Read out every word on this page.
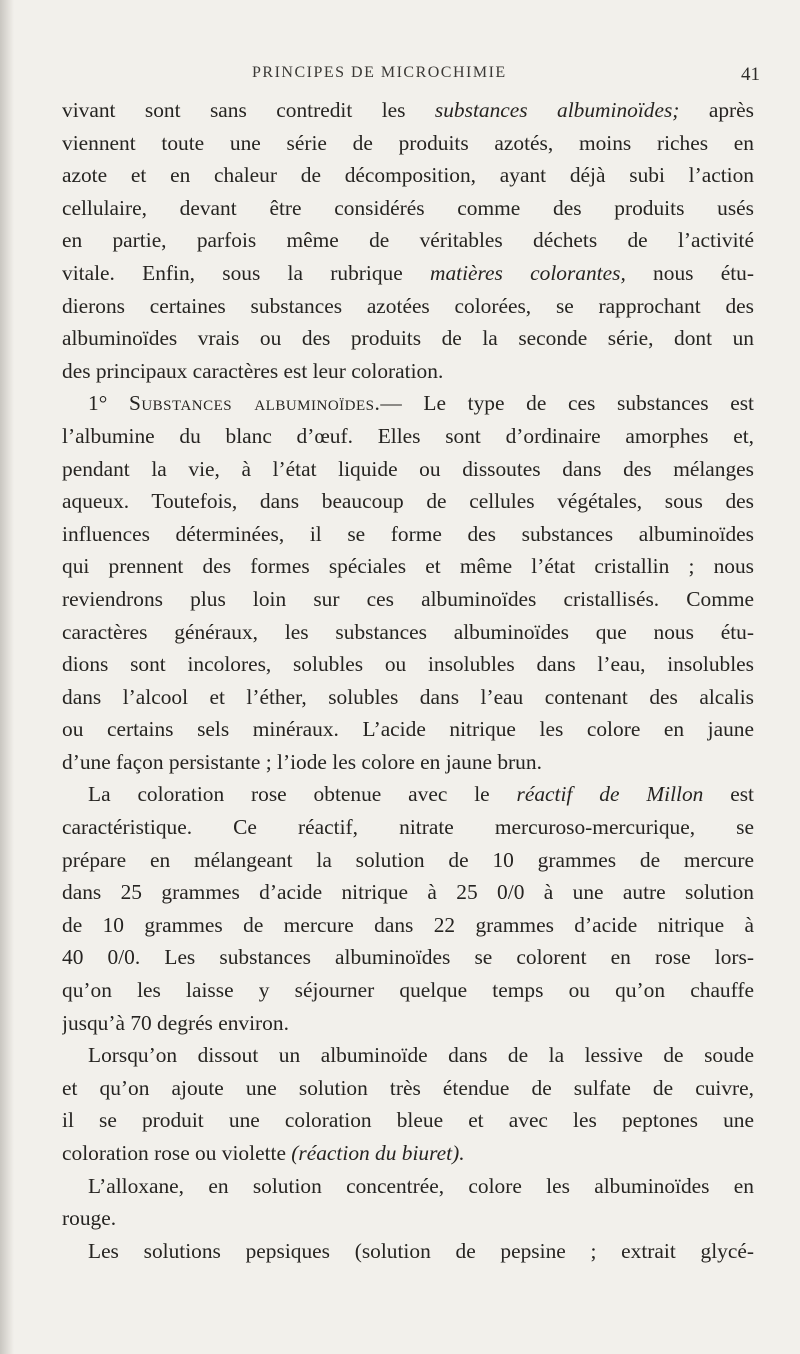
PRINCIPES DE MICROCHIMIE	41
vivant sont sans contredit les substances albuminoïdes; après
viennent toute une série de produits azotés, moins riches en
azote et en chaleur de décomposition, ayant déjà subi l’action
cellulaire, devant être considérés comme des produits usés
en partie, parfois même de véritables déchets de l’activité
vitale. Enfin, sous la rubrique matières colorantes, nous étu-
dierons certaines substances azotées colorées, se rapprochant des
albuminoïdes vrais ou des produits de la seconde série, dont un
des principaux caractères est leur coloration.
1° Substances albuminoïdes.— Le type de ces substances est
l’albumine du blanc d’œuf. Elles sont d’ordinaire amorphes et,
pendant la vie, à l’état liquide ou dissoutes dans des mélanges
aqueux. Toutefois, dans beaucoup de cellules végétales, sous des
influences déterminées, il se forme des substances albuminoïdes
qui prennent des formes spéciales et même l’état cristallin ; nous
reviendrons plus loin sur ces albuminoïdes cristallisés. Comme
caractères généraux, les substances albuminoïdes que nous étu-
dions sont incolores, solubles ou insolubles dans l’eau, insolubles
dans l’alcool et l’éther, solubles dans l’eau contenant des alcalis
ou certains sels minéraux. L’acide nitrique les colore en jaune
d’une façon persistante ; l’iode les colore en jaune brun.
La coloration rose obtenue avec le réactif de Millon est
caractéristique. Ce réactif, nitrate mercuroso-mercurique, se
prépare en mélangeant la solution de 10 grammes de mercure
dans 25 grammes d’acide nitrique à 25 0/0 à une autre solution
de 10 grammes de mercure dans 22 grammes d’acide nitrique à
40 0/0. Les substances albuminoïdes se colorent en rose lors-
qu’on les laisse y séjourner quelque temps ou qu’on chauffe
jusqu’à 70 degrés environ.
Lorsqu’on dissout un albuminoïde dans de la lessive de soude
et qu’on ajoute une solution très étendue de sulfate de cuivre,
il se produit une coloration bleue et avec les peptones une
coloration rose ou violette (réaction du biuret).
L’alloxane, en solution concentrée, colore les albuminoïdes en
rouge.
Les solutions pepsiques (solution de pepsine ; extrait glycé-
